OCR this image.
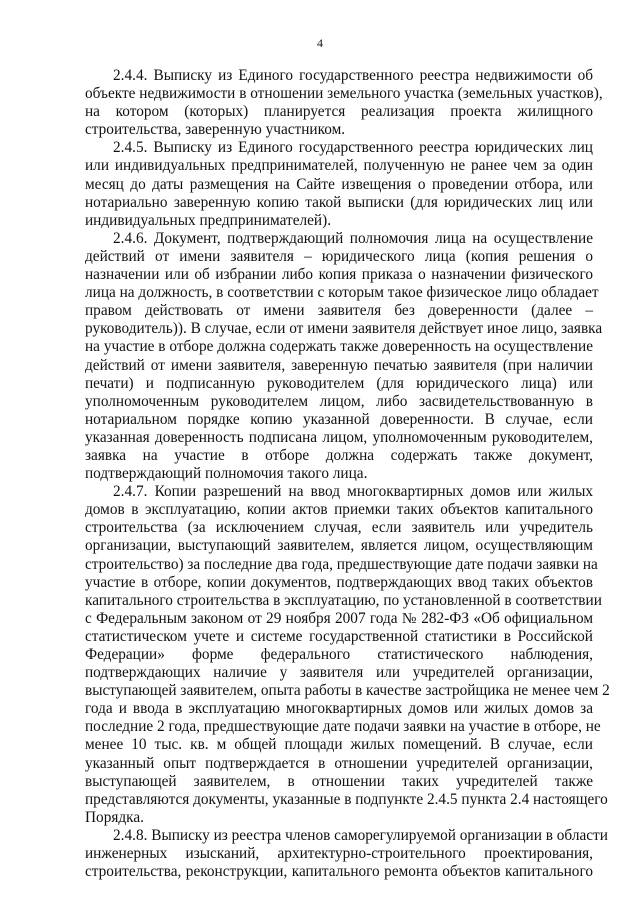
4
2.4.4. Выписку из Единого государственного реестра недвижимости об
объекте недвижимости в отношении земельного участка (земельных участков),
на котором (которых) планируется реализация проекта жилищного
строительства, заверенную участником.
2.4.5. Выписку из Единого государственного реестра юридических лиц
или индивидуальных предпринимателей, полученную не ранее чем за один
месяц до даты размещения на Сайте извещения о проведении отбора, или
нотариально заверенную копию такой выписки (для юридических лиц или
индивидуальных предпринимателей).
2.4.6. Документ, подтверждающий полномочия лица на осуществление
действий от имени заявителя – юридического лица (копия решения о
назначении или об избрании либо копия приказа о назначении физического
лица на должность, в соответствии с которым такое физическое лицо обладает
правом действовать от имени заявителя без доверенности (далее –
руководитель)). В случае, если от имени заявителя действует иное лицо, заявка
на участие в отборе должна содержать также доверенность на осуществление
действий от имени заявителя, заверенную печатью заявителя (при наличии
печати) и подписанную руководителем (для юридического лица) или
уполномоченным руководителем лицом, либо засвидетельствованную в
нотариальном порядке копию указанной доверенности. В случае, если
указанная доверенность подписана лицом, уполномоченным руководителем,
заявка на участие в отборе должна содержать также документ,
подтверждающий полномочия такого лица.
2.4.7. Копии разрешений на ввод многоквартирных домов или жилых
домов в эксплуатацию, копии актов приемки таких объектов капитального
строительства (за исключением случая, если заявитель или учредитель
организации, выступающий заявителем, является лицом, осуществляющим
строительство) за последние два года, предшествующие дате подачи заявки на
участие в отборе, копии документов, подтверждающих ввод таких объектов
капитального строительства в эксплуатацию, по установленной в соответствии
с Федеральным законом от 29 ноября 2007 года № 282-ФЗ «Об официальном
статистическом учете и системе государственной статистики в Российской
Федерации» форме федерального статистического наблюдения,
подтверждающих наличие у заявителя или учредителей организации,
выступающей заявителем, опыта работы в качестве застройщика не менее чем 2
года и ввода в эксплуатацию многоквартирных домов или жилых домов за
последние 2 года, предшествующие дате подачи заявки на участие в отборе, не
менее 10 тыс. кв. м общей площади жилых помещений. В случае, если
указанный опыт подтверждается в отношении учредителей организации,
выступающей заявителем, в отношении таких учредителей также
представляются документы, указанные в подпункте 2.4.5 пункта 2.4 настоящего
Порядка.
2.4.8. Выписку из реестра членов саморегулируемой организации в области
инженерных изысканий, архитектурно-строительного проектирования,
строительства, реконструкции, капитального ремонта объектов капитального
